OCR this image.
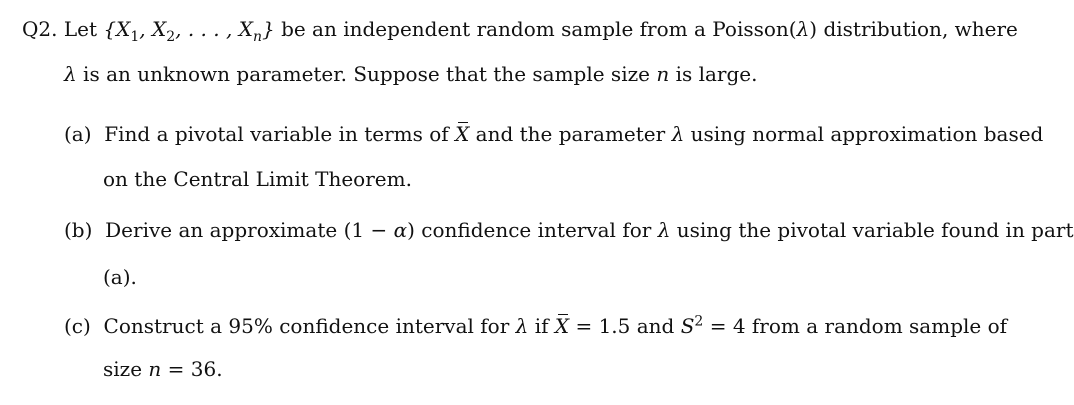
Q2. Let {$X_1$, $X_2$, . . . , $X_n$} be an independent random sample from a Poisson(λ) distribution, where
λ is an unknown parameter. Suppose that the sample size n is large.
(a) Find a pivotal variable in terms of X and the parameter λ using normal approximation based
on the Central Limit Theorem.
(b) Derive an approximate (1 − α) confidence interval for λ using the pivotal variable found in part
(a).
(c) Construct a 95% confidence interval for λ if X = 1.5 and $S^2 = 4$ from a random sample of
size n = 36.
